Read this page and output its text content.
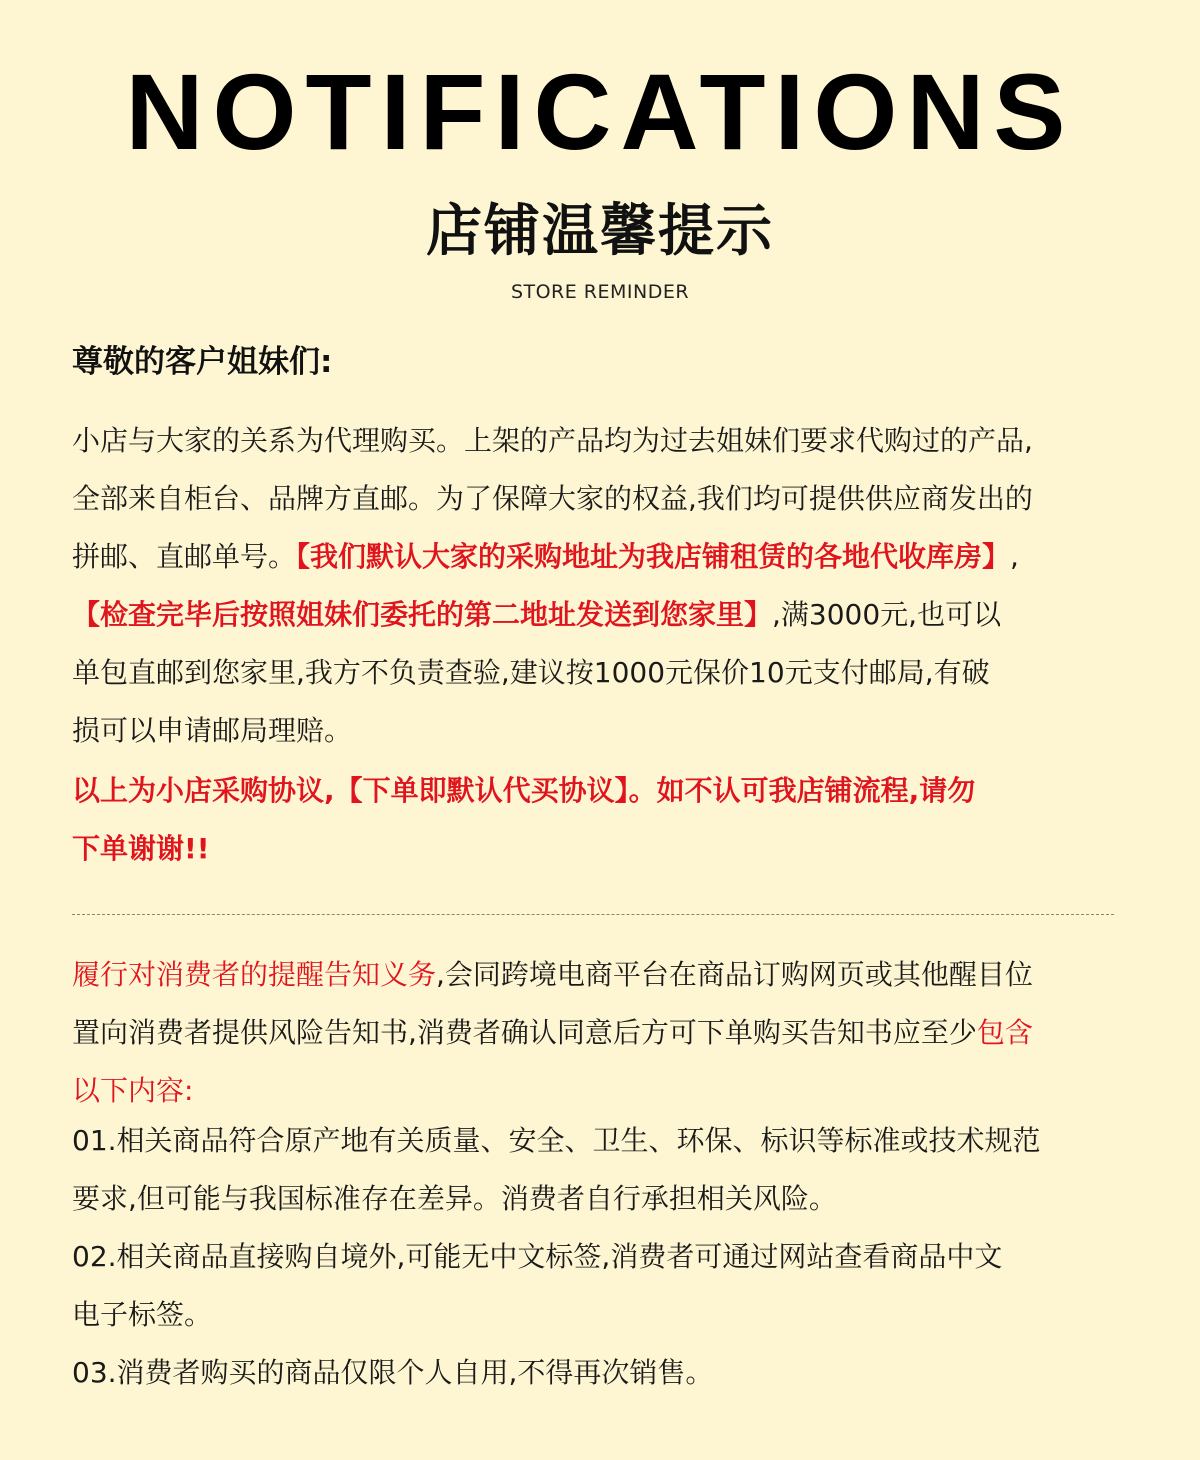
NOTIFICATIONS
店铺温馨提示
STORE REMINDER
尊敬的客户姐妹们:
小店与大家的关系为代理购买。上架的产品均为过去姐妹们要求代购过的产品,
全部来自柜台、品牌方直邮。为了保障大家的权益,我们均可提供供应商发出的
拼邮、直邮单号。【我们默认大家的采购地址为我店铺租赁的各地代收库房】,
【检查完毕后按照姐妹们委托的第二地址发送到您家里】,满3000元,也可以
单包直邮到您家里,我方不负责查验,建议按1000元保价10元支付邮局,有破
损可以申请邮局理赔。
以上为小店采购协议,【下单即默认代买协议】。如不认可我店铺流程,请勿
下单谢谢!!
履行对消费者的提醒告知义务,会同跨境电商平台在商品订购网页或其他醒目位
置向消费者提供风险告知书,消费者确认同意后方可下单购买告知书应至少包含
以下内容:
01.相关商品符合原产地有关质量、安全、卫生、环保、标识等标准或技术规范
要求,但可能与我国标准存在差异。消费者自行承担相关风险。
02.相关商品直接购自境外,可能无中文标签,消费者可通过网站查看商品中文
电子标签。
03.消费者购买的商品仅限个人自用,不得再次销售。
